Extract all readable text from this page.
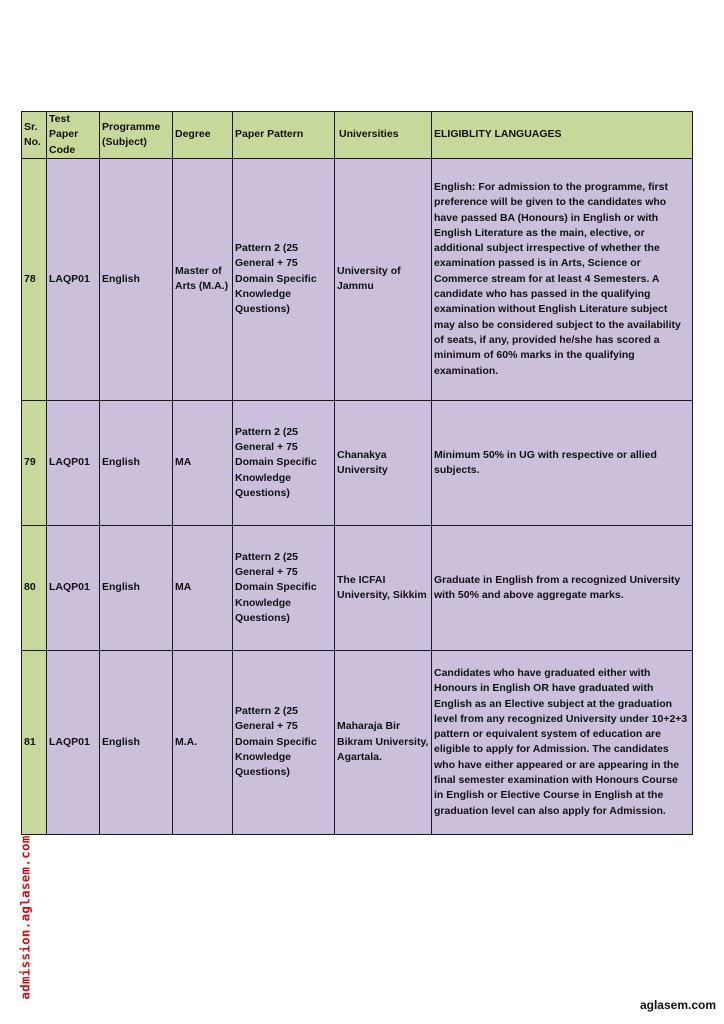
Sr. No.	Test Paper Code	Programme (Subject)	Degree	Paper Pattern	Universities	ELIGIBLITY LANGUAGES
78	LAQP01	English	Master of Arts (M.A.)	Pattern 2 (25 General + 75 Domain Specific Knowledge Questions)	University of Jammu	English: For admission to the programme, first preference will be given to the candidates who have passed BA (Honours) in English or with English Literature as the main, elective, or additional subject irrespective of whether the examination passed is in Arts, Science or Commerce stream for at least 4 Semesters. A candidate who has passed in the qualifying examination without English Literature subject may also be considered subject to the availability of seats, if any, provided he/she has scored a minimum of 60% marks in the qualifying examination.
79	LAQP01	English	MA	Pattern 2 (25 General + 75 Domain Specific Knowledge Questions)	Chanakya University	Minimum 50% in UG with respective or allied subjects.
80	LAQP01	English	MA	Pattern 2 (25 General + 75 Domain Specific Knowledge Questions)	The ICFAI University, Sikkim	Graduate in English from a recognized University with 50% and above aggregate marks.
81	LAQP01	English	M.A.	Pattern 2 (25 General + 75 Domain Specific Knowledge Questions)	Maharaja Bir Bikram University, Agartala.	Candidates who have graduated either with Honours in English OR have graduated with English as an Elective subject at the graduation level from any recognized University under 10+2+3 pattern or equivalent system of education are eligible to apply for Admission. The candidates who have either appeared or are appearing in the final semester examination with Honours Course in English or Elective Course in English at the graduation level can also apply for Admission.
admission.aglasem.com
aglasem.com
